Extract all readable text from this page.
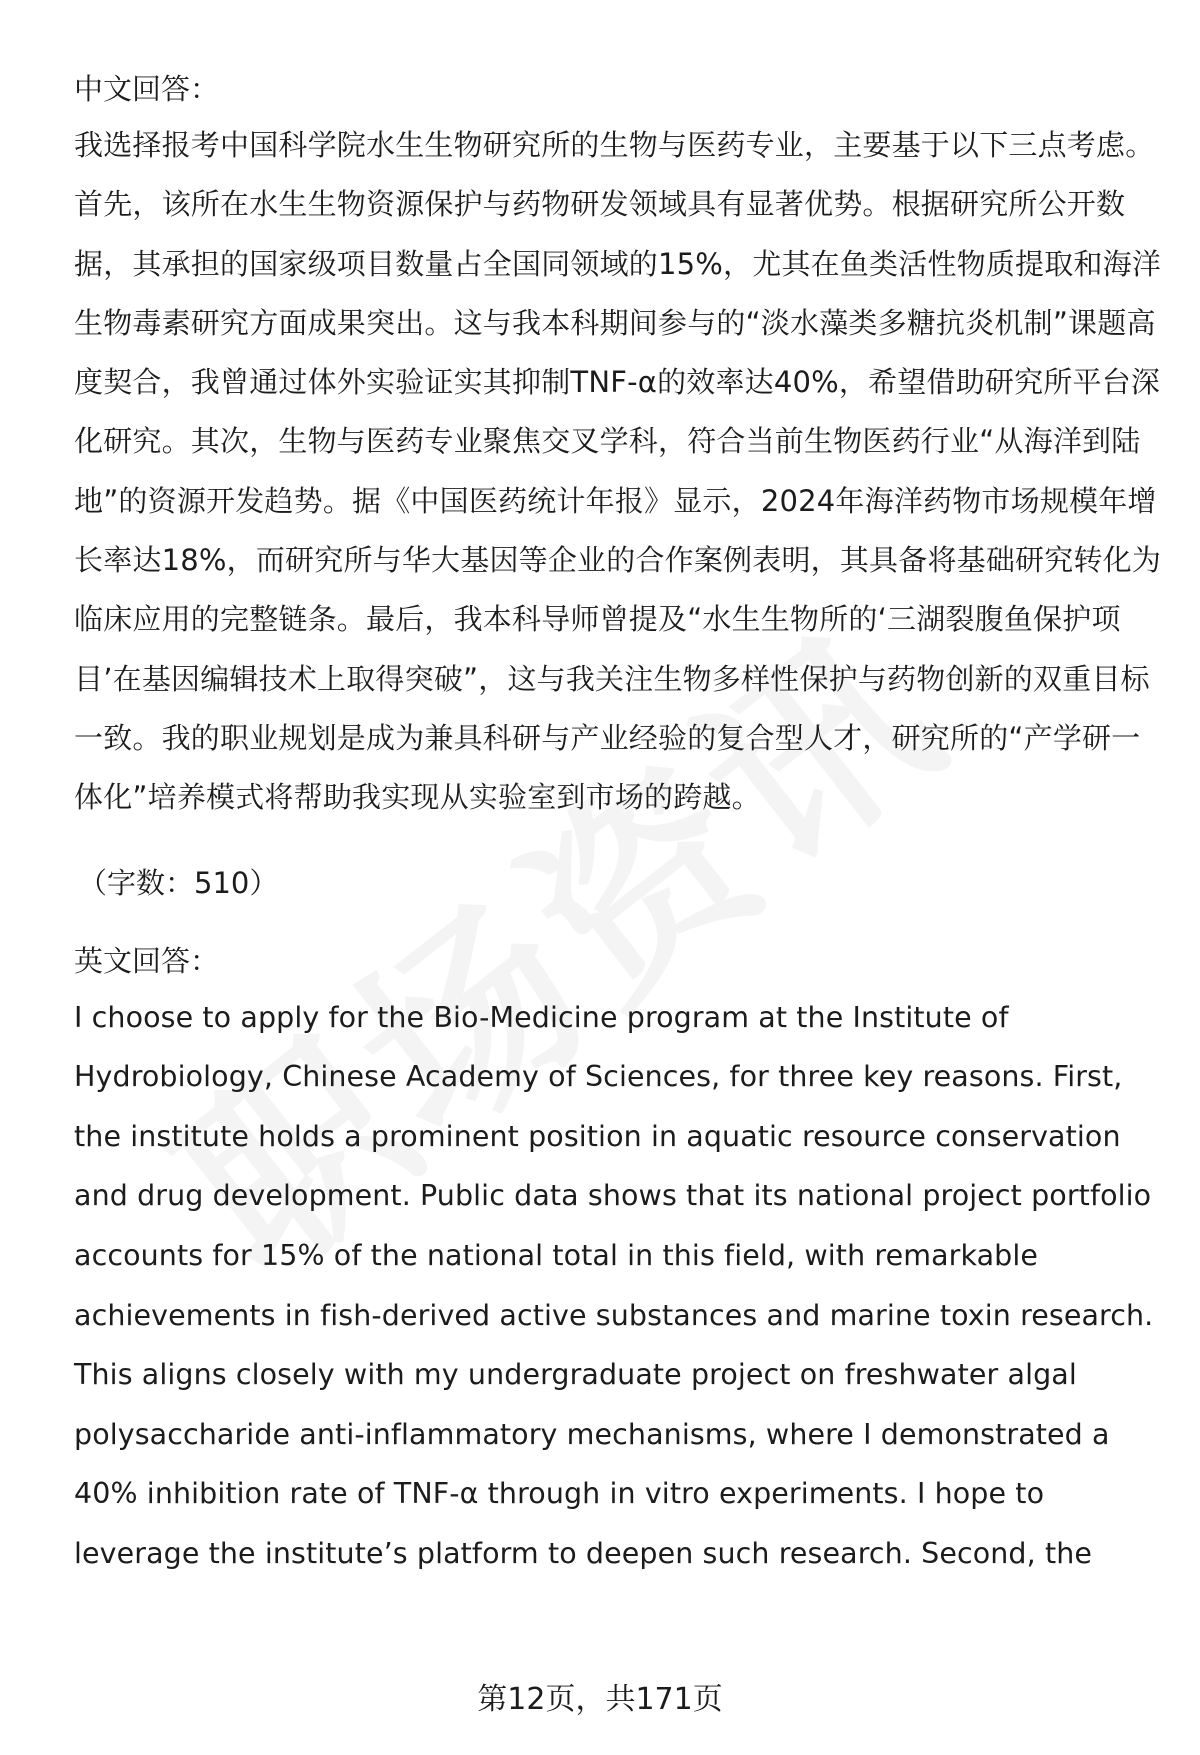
中文回答：

我选择报考中国科学院水生生物研究所的生物与医药专业，主要基于以下三点考虑。首先，该所在水生生物资源保护与药物研发领域具有显著优势。根据研究所公开数据，其承担的国家级项目数量占全国同领域的15%，尤其在鱼类活性物质提取和海洋生物毒素研究方面成果突出。这与我本科期间参与的“淡水藻类多糖抗炎机制”课题高度契合，我曾通过体外实验证实其抑制TNF-α的效率达40%，希望借助研究所平台深化研究。其次，生物与医药专业聚焦交叉学科，符合当前生物医药行业“从海洋到陆地”的资源开发趋势。据《中国医药统计年报》显示，2024年海洋药物市场规模年增长率达18%，而研究所与华大基因等企业的合作案例表明，其具备将基础研究转化为临床应用的完整链条。最后，我本科导师曾提及“水生生物所的‘三湖裂腹鱼保护项目’在基因编辑技术上取得突破”，这与我关注生物多样性保护与药物创新的双重目标一致。我的职业规划是成为兼具科研与产业经验的复合型人才，研究所的“产学研一体化”培养模式将帮助我实现从实验室到市场的跨越。

（字数：510）

英文回答：

I choose to apply for the Bio-Medicine program at the Institute of Hydrobiology, Chinese Academy of Sciences, for three key reasons. First, the institute holds a prominent position in aquatic resource conservation and drug development. Public data shows that its national project portfolio accounts for 15% of the national total in this field, with remarkable achievements in fish-derived active substances and marine toxin research. This aligns closely with my undergraduate project on freshwater algal polysaccharide anti-inflammatory mechanisms, where I demonstrated a 40% inhibition rate of TNF-α through in vitro experiments. I hope to leverage the institute’s platform to deepen such research. Second, the

第12页，共171页
